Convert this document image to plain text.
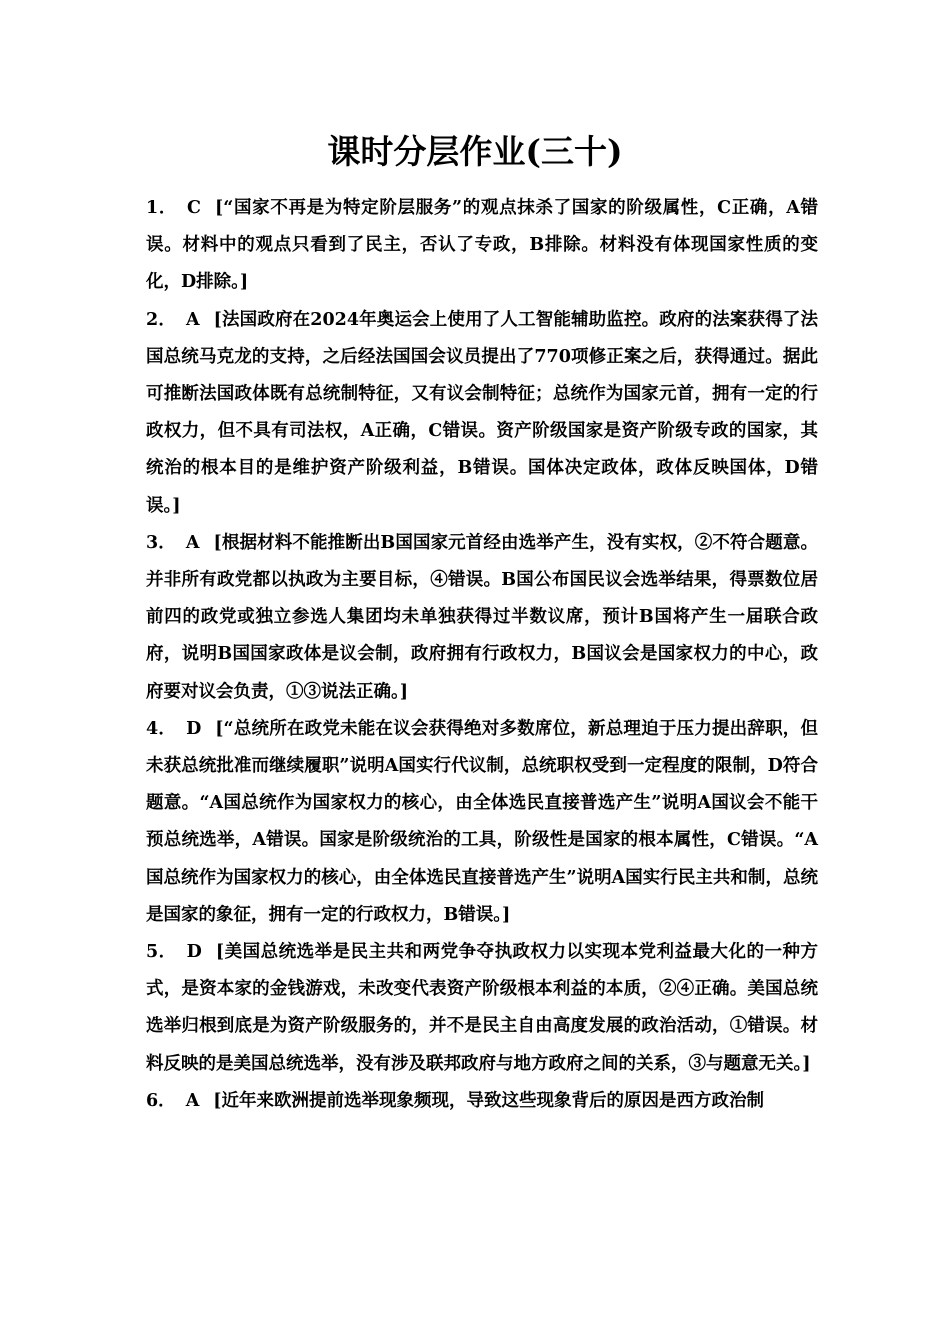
课时分层作业(三十)

1． C [“国家不再是为特定阶层服务”的观点抹杀了国家的阶级属性，C正确，A错误。材料中的观点只看到了民主，否认了专政，B排除。材料没有体现国家性质的变化，D排除。]

2． A [法国政府在2024年奥运会上使用了人工智能辅助监控。政府的法案获得了法国总统马克龙的支持，之后经法国国会议员提出了770项修正案之后，获得通过。据此可推断法国政体既有总统制特征，又有议会制特征；总统作为国家元首，拥有一定的行政权力，但不具有司法权，A正确，C错误。资产阶级国家是资产阶级专政的国家，其统治的根本目的是维护资产阶级利益，B错误。国体决定政体，政体反映国体，D错误。]

3． A [根据材料不能推断出B国国家元首经由选举产生，没有实权，②不符合题意。并非所有政党都以执政为主要目标，④错误。B国公布国民议会选举结果，得票数位居前四的政党或独立参选人集团均未单独获得过半数议席，预计B国将产生一届联合政府，说明B国国家政体是议会制，政府拥有行政权力，B国议会是国家权力的中心，政府要对议会负责，①③说法正确。]

4． D [“总统所在政党未能在议会获得绝对多数席位，新总理迫于压力提出辞职，但未获总统批准而继续履职”说明A国实行代议制，总统职权受到一定程度的限制，D符合题意。“A国总统作为国家权力的核心，由全体选民直接普选产生”说明A国议会不能干预总统选举，A错误。国家是阶级统治的工具，阶级性是国家的根本属性，C错误。“A国总统作为国家权力的核心，由全体选民直接普选产生”说明A国实行民主共和制，总统是国家的象征，拥有一定的行政权力，B错误。]

5． D [美国总统选举是民主共和两党争夺执政权力以实现本党利益最大化的一种方式，是资本家的金钱游戏，未改变代表资产阶级根本利益的本质，②④正确。美国总统选举归根到底是为资产阶级服务的，并不是民主自由高度发展的政治活动，①错误。材料反映的是美国总统选举，没有涉及联邦政府与地方政府之间的关系，③与题意无关。]

6． A [近年来欧洲提前选举现象频现，导致这些现象背后的原因是西方政治制
